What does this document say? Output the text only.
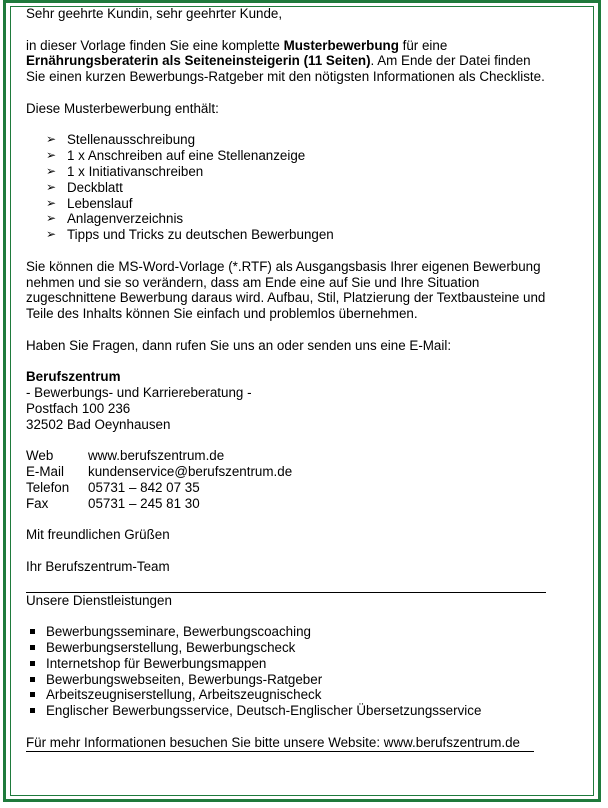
Sehr geehrte Kundin, sehr geehrter Kunde,

in dieser Vorlage finden Sie eine komplette Musterbewerbung für eine Ernährungsberaterin als Seiteneinsteigerin (11 Seiten). Am Ende der Datei finden Sie einen kurzen Bewerbungs-Ratgeber mit den nötigsten Informationen als Checkliste.

Diese Musterbewerbung enthält:

➢ Stellenausschreibung
➢ 1 x Anschreiben auf eine Stellenanzeige
➢ 1 x Initiativanschreiben
➢ Deckblatt
➢ Lebenslauf
➢ Anlagenverzeichnis
➢ Tipps und Tricks zu deutschen Bewerbungen

Sie können die MS-Word-Vorlage (*.RTF) als Ausgangsbasis Ihrer eigenen Bewerbung nehmen und sie so verändern, dass am Ende eine auf Sie und Ihre Situation zugeschnittene Bewerbung daraus wird. Aufbau, Stil, Platzierung der Textbausteine und Teile des Inhalts können Sie einfach und problemlos übernehmen.

Haben Sie Fragen, dann rufen Sie uns an oder senden uns eine E-Mail:

Berufszentrum

- Bewerbungs- und Karriereberatung -

Postfach 100 236

32502 Bad Oeynhausen

Web	www.berufszentrum.de
E-Mail	kundenservice@berufszentrum.de
Telefon	05731 – 842 07 35
Fax	05731 – 245 81 30

Mit freundlichen Grüßen

Ihr Berufszentrum-Team

Unsere Dienstleistungen

Bewerbungsseminare, Bewerbungscoaching
Bewerbungserstellung, Bewerbungscheck
Internetshop für Bewerbungsmappen
Bewerbungswebseiten, Bewerbungs-Ratgeber
Arbeitszeugniserstellung, Arbeitszeugnischeck
Englischer Bewerbungsservice, Deutsch-Englischer Übersetzungsservice

Für mehr Informationen besuchen Sie bitte unsere Website: www.berufszentrum.de
